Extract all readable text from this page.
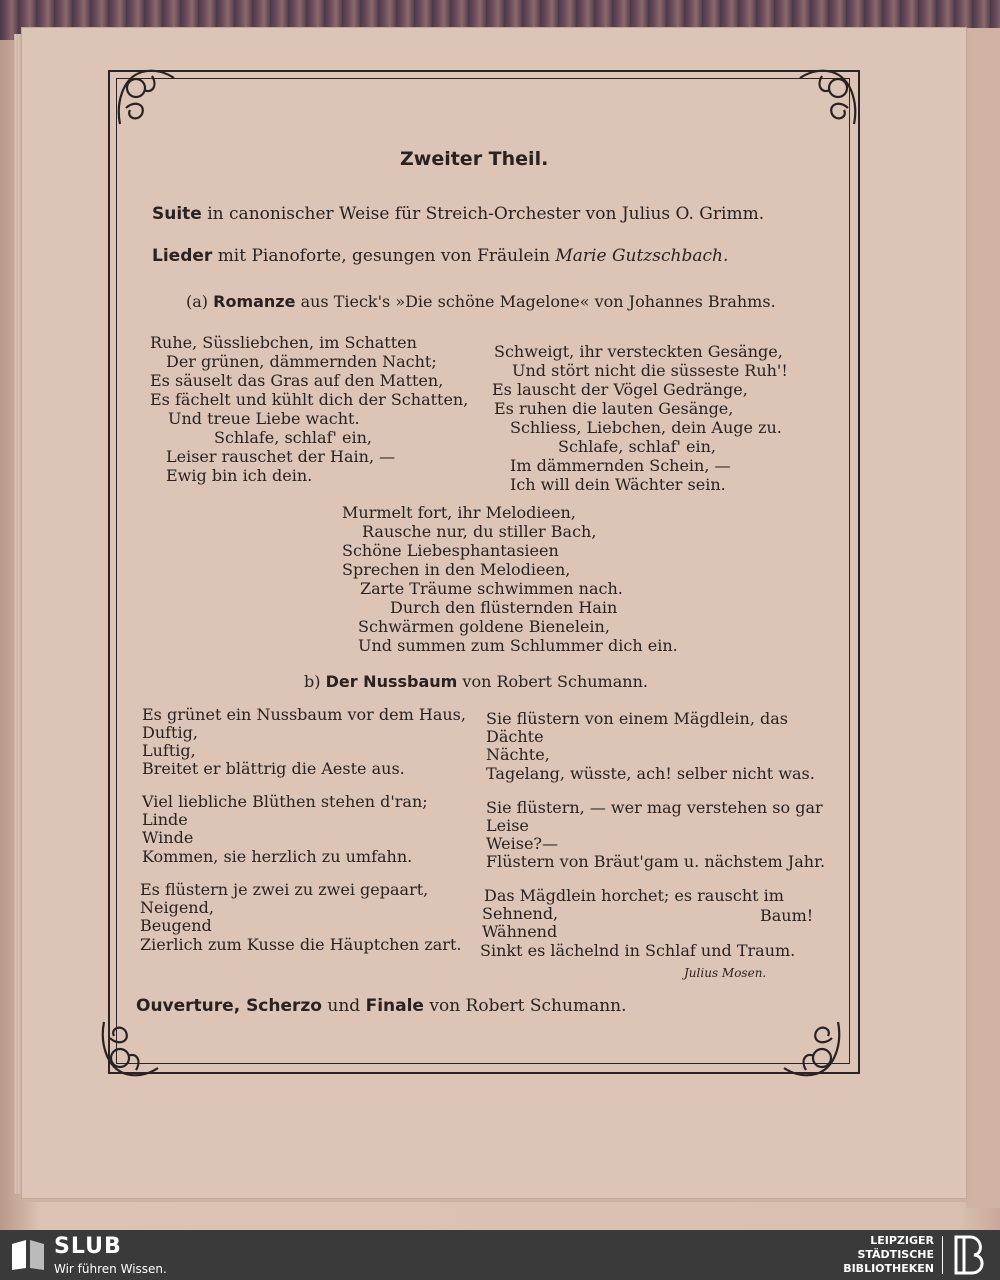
Zweiter Theil.
Suite in canonischer Weise für Streich-Orchester von Julius O. Grimm.
Lieder mit Pianoforte, gesungen von Fräulein Marie Gutzschbach.
(a) Romanze aus Tieck's »Die schöne Magelone« von Johannes Brahms.
Ruhe, Süssliebchen, im Schatten
Der grünen, dämmernden Nacht;
Es säuselt das Gras auf den Matten,
Es fächelt und kühlt dich der Schatten,
Und treue Liebe wacht.
Schlafe, schlaf' ein,
Leiser rauschet der Hain, —
Ewig bin ich dein.
Schweigt, ihr versteckten Gesänge,
Und stört nicht die süsseste Ruh'!
Es lauscht der Vögel Gedränge,
Es ruhen die lauten Gesänge,
Schliess, Liebchen, dein Auge zu.
Schlafe, schlaf' ein,
Im dämmernden Schein, —
Ich will dein Wächter sein.
Murmelt fort, ihr Melodieen,
Rausche nur, du stiller Bach,
Schöne Liebesphantasieen
Sprechen in den Melodieen,
Zarte Träume schwimmen nach.
Durch den flüsternden Hain
Schwärmen goldene Bienelein,
Und summen zum Schlummer dich ein.
b) Der Nussbaum von Robert Schumann.
Es grünet ein Nussbaum vor dem Haus,
Duftig,
Luftig,
Breitet er blättrig die Aeste aus.
Viel liebliche Blüthen stehen d'ran;
Linde
Winde
Kommen, sie herzlich zu umfahn.
Es flüstern je zwei zu zwei gepaart,
Neigend,
Beugend
Zierlich zum Kusse die Häuptchen zart.
Sie flüstern von einem Mägdlein, das
Dächte
Nächte,
Tagelang, wüsste, ach! selber nicht was.
Sie flüstern, — wer mag verstehen so gar
Leise
Weise?—
Flüstern von Bräut'gam u. nächstem Jahr.
Das Mägdlein horchet; es rauscht im
Sehnend,	Baum!
Wähnend
Sinkt es lächelnd in Schlaf und Traum.
Julius Mosen.
Ouverture, Scherzo und Finale von Robert Schumann.
SLUB
Wir führen Wissen.
LEIPZIGER
STÄDTISCHE
BIBLIOTHEKEN
